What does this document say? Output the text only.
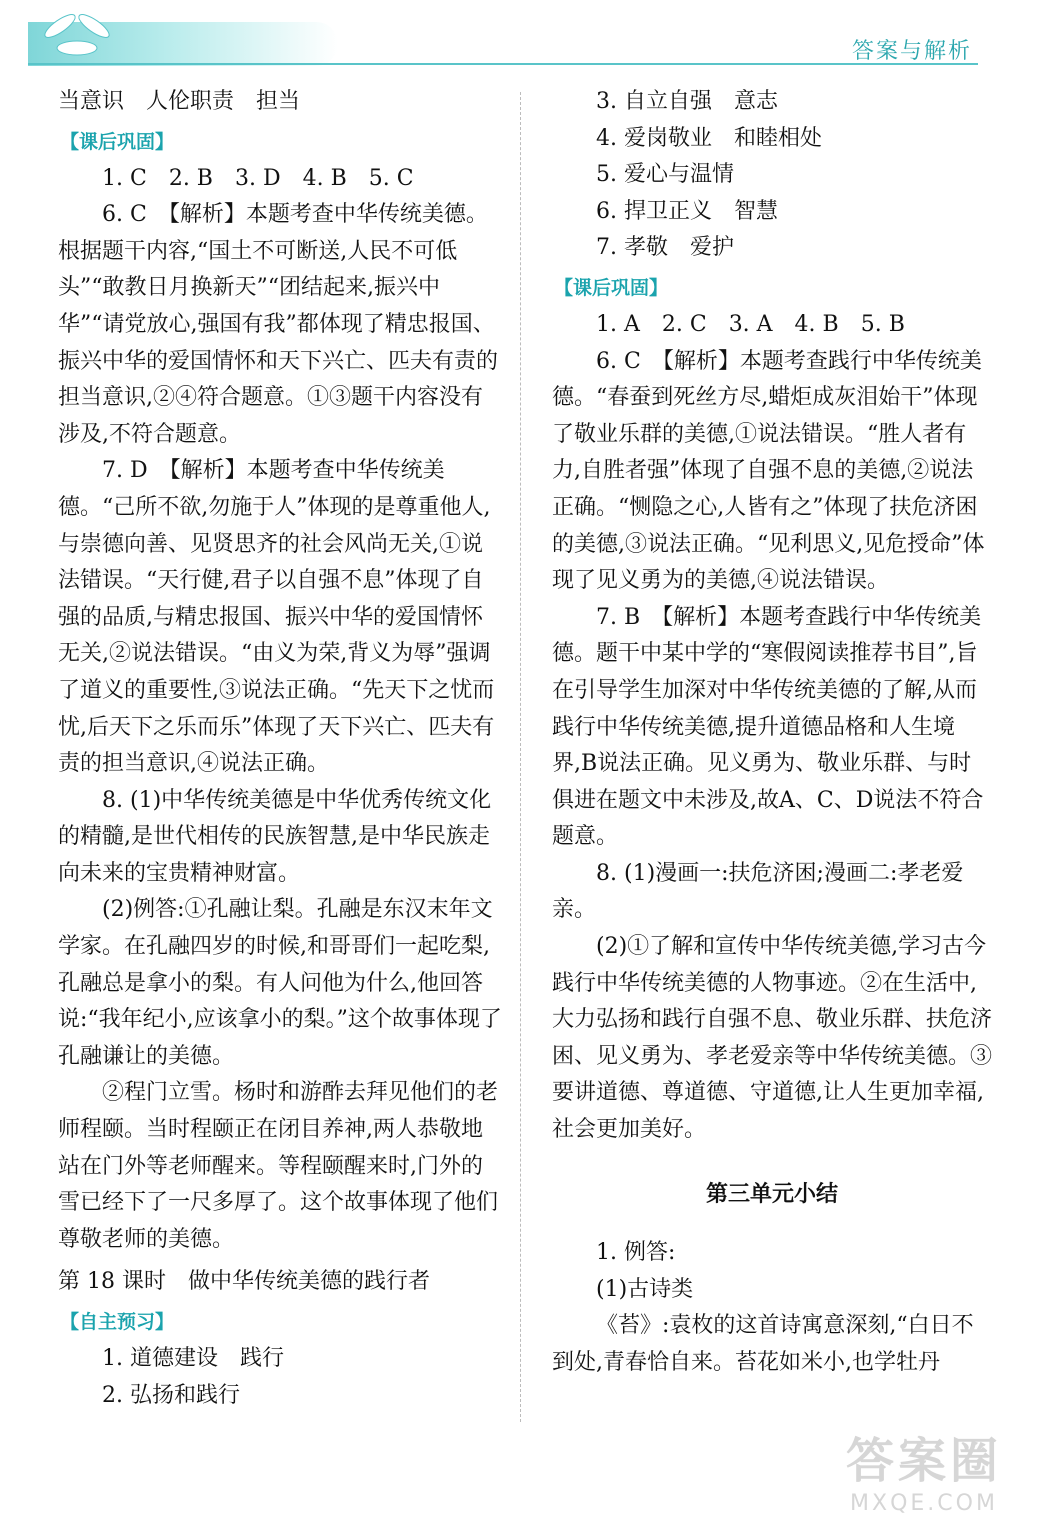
答案与解析

当意识　人伦职责　担当

【课后巩固】

1. C　2. B　3. D　4. B　5. C

6. C　【解析】本题考查中华传统美德。根据题干内容,“国土不可断送,人民不可低头”“敢教日月换新天”“团结起来,振兴中华”“请党放心,强国有我”都体现了精忠报国、振兴中华的爱国情怀和天下兴亡、匹夫有责的担当意识,②④符合题意。①③题干内容没有涉及,不符合题意。

7. D　【解析】本题考查中华传统美德。“己所不欲,勿施于人”体现的是尊重他人,与崇德向善、见贤思齐的社会风尚无关,①说法错误。“天行健,君子以自强不息”体现了自强的品质,与精忠报国、振兴中华的爱国情怀无关,②说法错误。“由义为荣,背义为辱”强调了道义的重要性,③说法正确。“先天下之忧而忧,后天下之乐而乐”体现了天下兴亡、匹夫有责的担当意识,④说法正确。

8. (1)中华传统美德是中华优秀传统文化的精髓,是世代相传的民族智慧,是中华民族走向未来的宝贵精神财富。

(2)例答:①孔融让梨。孔融是东汉末年文学家。在孔融四岁的时候,和哥哥们一起吃梨,孔融总是拿小的梨。有人问他为什么,他回答说:“我年纪小,应该拿小的梨。”这个故事体现了孔融谦让的美德。

②程门立雪。杨时和游酢去拜见他们的老师程颐。当时程颐正在闭目养神,两人恭敬地站在门外等老师醒来。等程颐醒来时,门外的雪已经下了一尺多厚了。这个故事体现了他们尊敬老师的美德。

第 18 课时　做中华传统美德的践行者

【自主预习】

1. 道德建设　践行

2. 弘扬和践行

3. 自立自强　意志

4. 爱岗敬业　和睦相处

5. 爱心与温情

6. 捍卫正义　智慧

7. 孝敬　爱护

【课后巩固】

1. A　2. C　3. A　4. B　5. B

6. C　【解析】本题考查践行中华传统美德。“春蚕到死丝方尽,蜡炬成灰泪始干”体现了敬业乐群的美德,①说法错误。“胜人者有力,自胜者强”体现了自强不息的美德,②说法正确。“恻隐之心,人皆有之”体现了扶危济困的美德,③说法正确。“见利思义,见危授命”体现了见义勇为的美德,④说法错误。

7. B　【解析】本题考查践行中华传统美德。题干中某中学的“寒假阅读推荐书目”,旨在引导学生加深对中华传统美德的了解,从而践行中华传统美德,提升道德品格和人生境界,B说法正确。见义勇为、敬业乐群、与时俱进在题文中未涉及,故A、C、D说法不符合题意。

8. (1)漫画一:扶危济困;漫画二:孝老爱亲。

(2)①了解和宣传中华传统美德,学习古今践行中华传统美德的人物事迹。②在生活中,大力弘扬和践行自强不息、敬业乐群、扶危济困、见义勇为、孝老爱亲等中华传统美德。③要讲道德、尊道德、守道德,让人生更加幸福,社会更加美好。

第三单元小结

1. 例答:

(1)古诗类

《苔》:袁枚的这首诗寓意深刻,“白日不到处,青春恰自来。苔花如米小,也学牡丹

答案圈
MXQE.COM
